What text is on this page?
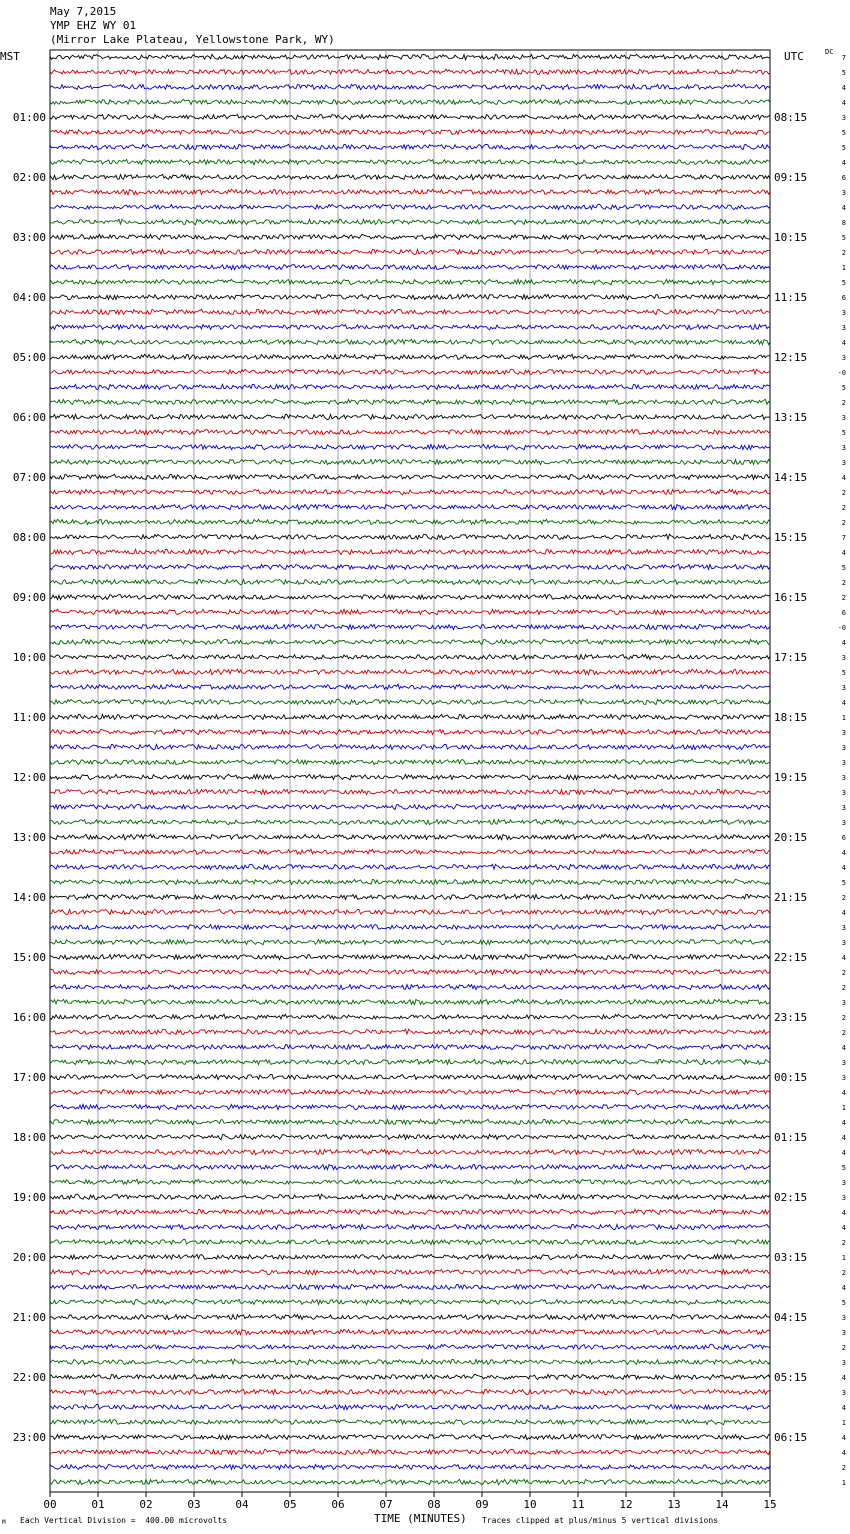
May 7,2015
YMP EHZ WY 01
(Mirror Lake Plateau, Yellowstone Park, WY)
MST	UTC	DC
00	01	02	03	04	05	06	07	08	09	10	11	12	13	14	15
01:00
02:00
03:00
04:00
05:00
06:00
07:00
08:00
09:00
10:00
11:00
12:00
13:00
14:00
15:00
16:00
17:00
18:00
19:00
20:00
21:00
22:00
23:00
08:15
09:15
10:15
11:15
12:15
13:15
14:15
15:15
16:15
17:15
18:15
19:15
20:15
21:15
22:15
23:15
00:15
01:15
02:15
03:15
04:15
05:15
06:15
7
5
4
4
3
5
5
4
6
3
4
8
5
2
1
5
6
3
3
4
3
-0
5
2
3
5
3
3
4
2
2
2
7
4
5
2
2
6
-0
4
3
5
3
4
1
3
3
3
3
3
3
3
6
4
4
5
2
4
3
3
4
2
2
3
2
2
4
3
3
4
1
4
4
4
5
3
3
4
4
2
1
2
4
5
3
3
2
3
4
3
4
1
4
4
2
1
M Each Vertical Division =  400.00 microvolts	TIME (MINUTES) Traces clipped at plus/minus 5 vertical divisions
